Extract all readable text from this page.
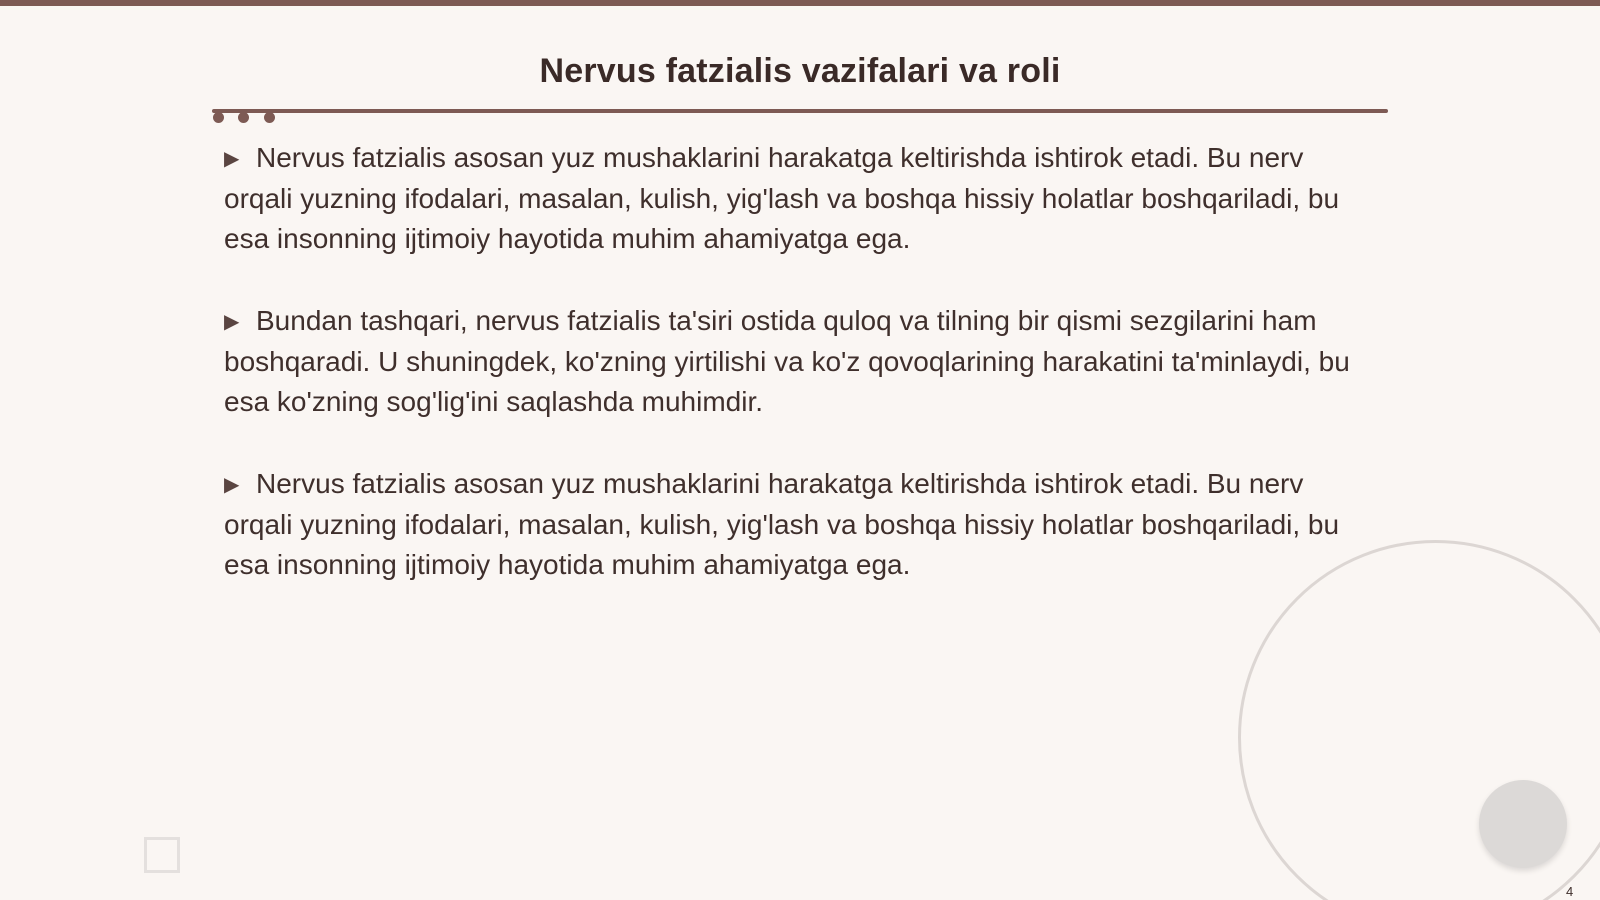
Nervus fatzialis vazifalari va roli
▶ Nervus fatzialis asosan yuz mushaklarini harakatga keltirishda ishtirok etadi. Bu nerv orqali yuzning ifodalari, masalan, kulish, yig'lash va boshqa hissiy holatlar boshqariladi, bu esa insonning ijtimoiy hayotida muhim ahamiyatga ega.
▶ Bundan tashqari, nervus fatzialis ta'siri ostida quloq va tilning bir qismi sezgilarini ham boshqaradi. U shuningdek, ko'zning yirtilishi va ko'z qovoqlarining harakatini ta'minlaydi, bu esa ko'zning sog'lig'ini saqlashda muhimdir.
▶ Nervus fatzialis asosan yuz mushaklarini harakatga keltirishda ishtirok etadi. Bu nerv orqali yuzning ifodalari, masalan, kulish, yig'lash va boshqa hissiy holatlar boshqariladi, bu esa insonning ijtimoiy hayotida muhim ahamiyatga ega.
4
